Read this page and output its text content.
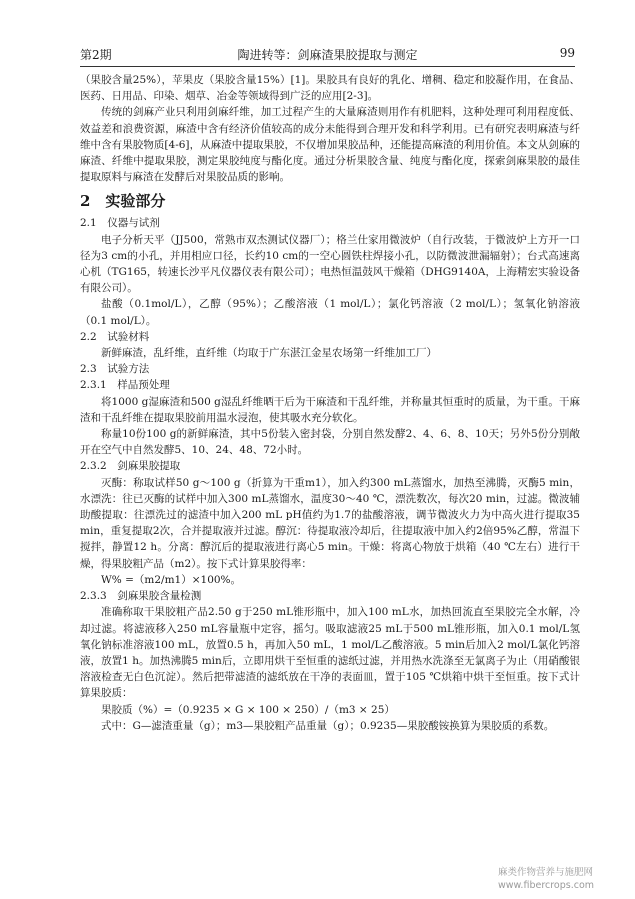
第2期	陶进转等：剑麻渣果胶提取与测定	99

（果胶含量25%），苹果皮（果胶含量15%）[1]。果胶具有良好的乳化、增稠、稳定和胶凝作用，在食品、医药、日用品、印染、烟草、冶金等领域得到广泛的应用[2-3]。

传统的剑麻产业只利用剑麻纤维，加工过程产生的大量麻渣则用作有机肥料，这种处理可利用程度低、效益差和浪费资源，麻渣中含有经济价值较高的成分未能得到合理开发和科学利用。已有研究表明麻渣与纤维中含有果胶物质[4-6]，从麻渣中提取果胶，不仅增加果胶品种，还能提高麻渣的利用价值。本文从剑麻的麻渣、纤维中提取果胶，测定果胶纯度与酯化度。通过分析果胶含量、纯度与酯化度，探索剑麻果胶的最佳提取原料与麻渣在发酵后对果胶品质的影响。

2　实验部分

2.1　仪器与试剂

电子分析天平（JJ500，常熟市双杰测试仪器厂）；格兰仕家用微波炉（自行改装，于微波炉上方开一口径为3 cm的小孔，并用相应口径，长约10 cm的一空心圆铁柱焊接小孔，以防微波泄漏辐射）；台式高速离心机（TG165，转速长沙平凡仪器仪表有限公司）；电热恒温鼓风干燥箱（DHG9140A，上海精宏实验设备有限公司）。

盐酸（0.1mol/L），乙醇（95%）；乙酸溶液（1 mol/L）；氯化钙溶液（2 mol/L）；氢氧化钠溶液（0.1 mol/L）。

2.2　试验材料

新鲜麻渣，乱纤维，直纤维（均取于广东湛江金星农场第一纤维加工厂）

2.3　试验方法

2.3.1　样品预处理

将1000 g湿麻渣和500 g湿乱纤维晒干后为干麻渣和干乱纤维，并称量其恒重时的质量，为干重。干麻渣和干乱纤维在提取果胶前用温水浸泡，使其吸水充分软化。

称量10份100 g的新鲜麻渣，其中5份装入密封袋，分别自然发酵2、4、6、8、10天；另外5份分别敞开在空气中自然发酵5、10、24、48、72小时。

2.3.2　剑麻果胶提取

灭酶：称取试样50 g～100 g（折算为干重m1），加入约300 mL蒸馏水，加热至沸腾，灭酶5 min，水漂洗：往已灭酶的试样中加入300 mL蒸馏水，温度30～40 ℃，漂洗数次，每次20 min，过滤。微波辅助酸提取：往漂洗过的滤渣中加入200 mL pH值约为1.7的盐酸溶液，调节微波火力为中高火进行提取35 min，重复提取2次，合并提取液并过滤。醇沉：待提取液冷却后，往提取液中加入约2倍95%乙醇，常温下搅拌，静置12 h。分离：醇沉后的提取液进行离心5 min。干燥：将离心物放于烘箱（40 ℃左右）进行干燥，得果胶粗产品（m2）。按下式计算果胶得率：

W% =（m2/m1）×100%。

2.3.3　剑麻果胶含量检测

准确称取干果胶粗产品2.50 g于250 mL锥形瓶中，加入100 mL水，加热回流直至果胶完全水解，冷却过滤。将滤液移入250 mL容量瓶中定容，摇匀。吸取滤液25 mL于500 mL锥形瓶，加入0.1 mol/L氢氧化钠标准溶液100 mL，放置0.5 h，再加入50 mL，1 mol/L乙酸溶液。5 min后加入2 mol/L氯化钙溶液，放置1 h。加热沸腾5 min后，立即用烘干至恒重的滤纸过滤，并用热水洗涤至无氯离子为止（用硝酸银溶液检查无白色沉淀）。然后把带滤渣的滤纸放在干净的表面皿，置于105 ℃烘箱中烘干至恒重。按下式计算果胶质：

果胶质（%）=（0.9235 × G × 100 × 250）/（m3 × 25）

式中：G—滤渣重量（g）；m3—果胶粗产品重量（g）；0.9235—果胶酸铵换算为果胶质的系数。

麻类作物营养与施肥网
www.fibercrops.com
